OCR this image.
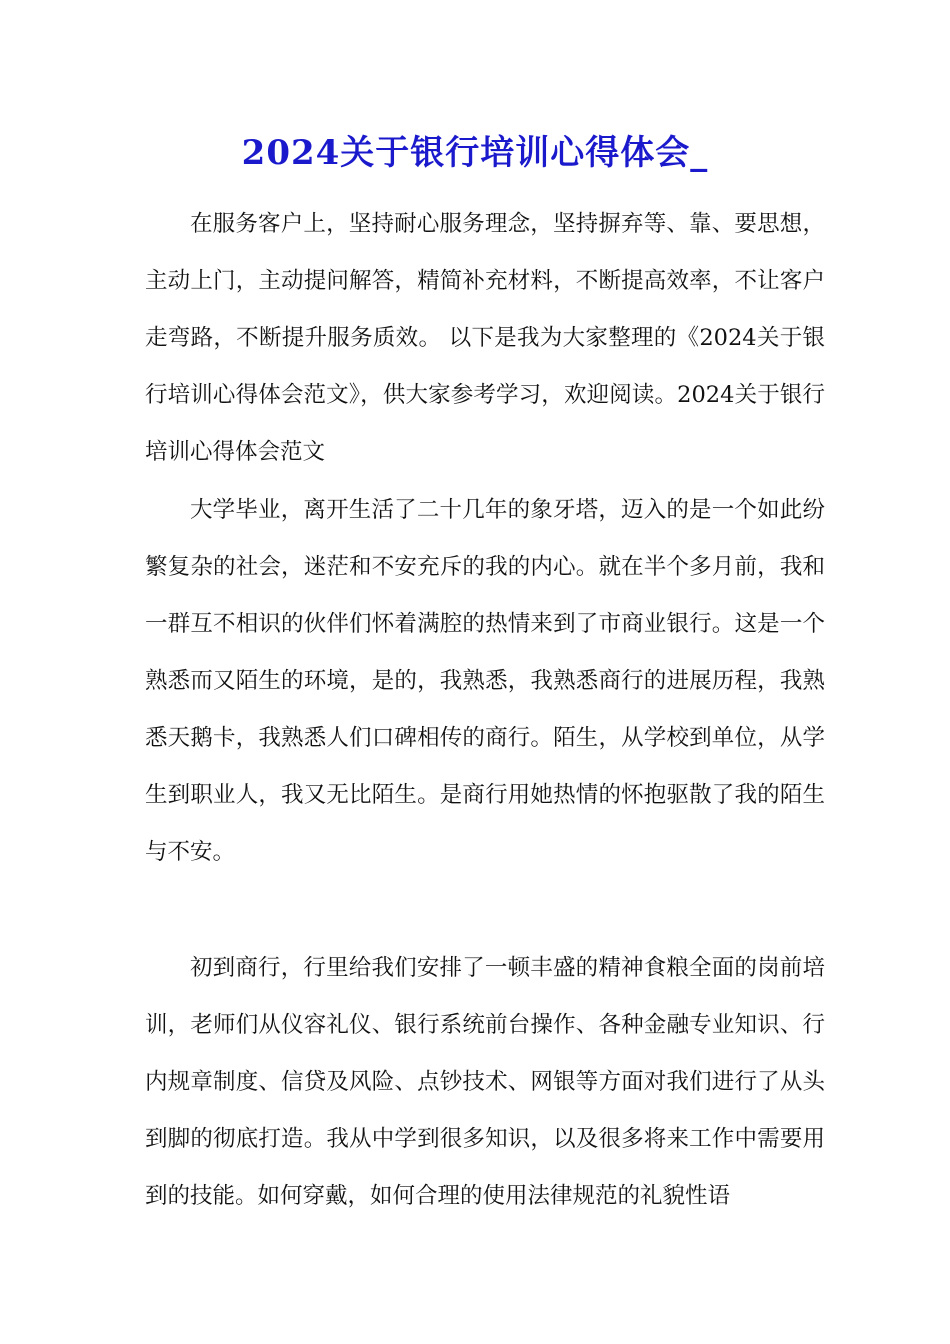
2024关于银行培训心得体会_

在服务客户上，坚持耐心服务理念，坚持摒弃等、靠、要思想，主动上门，主动提问解答，精简补充材料，不断提高效率，不让客户走弯路，不断提升服务质效。 以下是我为大家整理的《2024关于银行培训心得体会范文》，供大家参考学习，欢迎阅读。2024关于银行培训心得体会范文

大学毕业，离开生活了二十几年的象牙塔，迈入的是一个如此纷繁复杂的社会，迷茫和不安充斥的我的内心。就在半个多月前，我和一群互不相识的伙伴们怀着满腔的热情来到了市商业银行。这是一个熟悉而又陌生的环境，是的，我熟悉，我熟悉商行的进展历程，我熟悉天鹅卡，我熟悉人们口碑相传的商行。陌生，从学校到单位，从学生到职业人，我又无比陌生。是商行用她热情的怀抱驱散了我的陌生与不安。

初到商行，行里给我们安排了一顿丰盛的精神食粮全面的岗前培训，老师们从仪容礼仪、银行系统前台操作、各种金融专业知识、行内规章制度、信贷及风险、点钞技术、网银等方面对我们进行了从头到脚的彻底打造。我从中学到很多知识，以及很多将来工作中需要用到的技能。如何穿戴，如何合理的使用法律规范的礼貌性语
